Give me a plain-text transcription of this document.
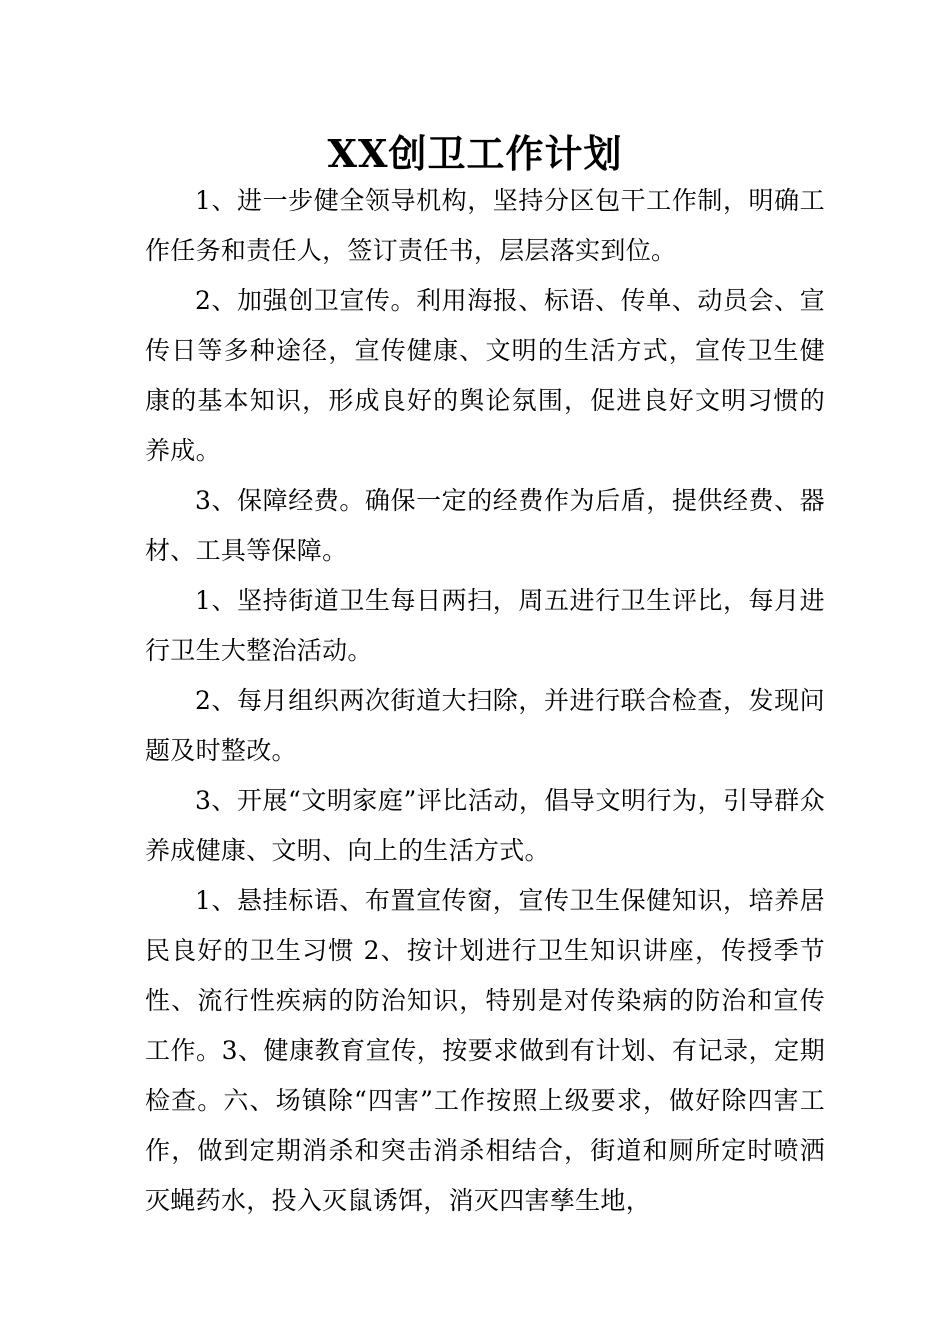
XX创卫工作计划

1、进一步健全领导机构，坚持分区包干工作制，明确工作任务和责任人，签订责任书，层层落实到位。

2、加强创卫宣传。利用海报、标语、传单、动员会、宣传日等多种途径，宣传健康、文明的生活方式，宣传卫生健康的基本知识，形成良好的舆论氛围，促进良好文明习惯的养成。

3、保障经费。确保一定的经费作为后盾，提供经费、器材、工具等保障。

1、坚持街道卫生每日两扫，周五进行卫生评比，每月进行卫生大整治活动。

2、每月组织两次街道大扫除，并进行联合检查，发现问题及时整改。

3、开展“文明家庭”评比活动，倡导文明行为，引导群众养成健康、文明、向上的生活方式。

1、悬挂标语、布置宣传窗，宣传卫生保健知识，培养居民良好的卫生习惯 2、按计划进行卫生知识讲座，传授季节性、流行性疾病的防治知识，特别是对传染病的防治和宣传工作。3、健康教育宣传，按要求做到有计划、有记录，定期检查。六、场镇除“四害”工作按照上级要求，做好除四害工作，做到定期消杀和突击消杀相结合，街道和厕所定时喷洒灭蝇药水，投入灭鼠诱饵，消灭四害孳生地，
